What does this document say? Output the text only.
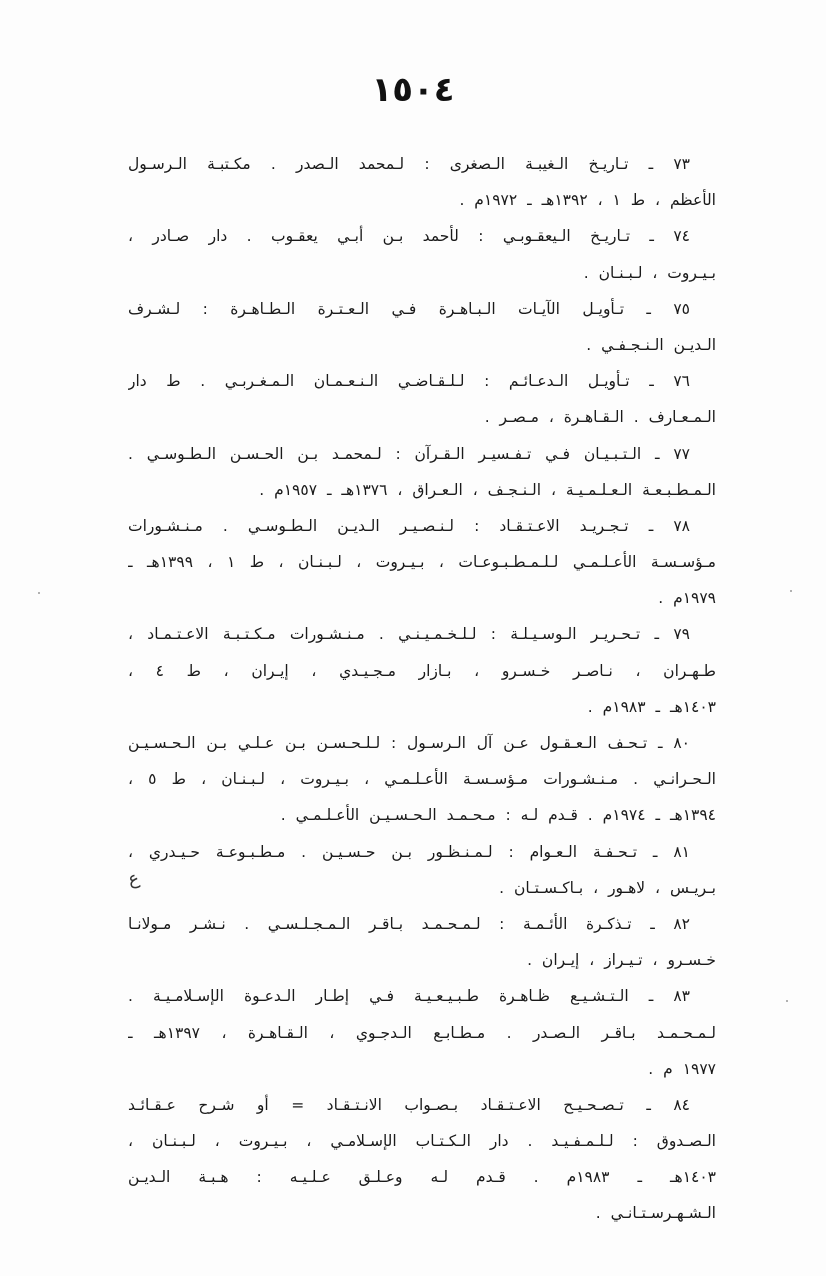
١٥٠٤
٧٣ ـ تـاريـخ الـغيبـة الـصغرى : لـمحمد الـصدر . مكـتبـة الـرسـول
الأعظم ، ط ١ ، ١٣٩٢هـ ـ ١٩٧٢م .
٧٤ ـ تـاريـخ الـيعقـوبـي : لأحمد بـن أبـي يعقـوب . دار صـادر ،
بـيـروت ، لـبـنـان .
٧٥ ـ تـأويـل الآيـات الـبـاهـرة فـي الـعـتـرة الـطـاهـرة : لـشـرف
الـديـن الـنـجـفـي .
٧٦ ـ تـأويـل الـدعـائـم : لـلـقـاضـي الـنـعـمـان الـمـغـربـي . ط دار
الـمـعـارف . الـقـاهـرة ، مـصـر .
٧٧ ـ الـتـبـيـان فـي تـفـسيـر الـقـرآن : لـمحمـد بـن الحـسـن الـطـوسـي .
الـمـطـبـعـة الـعـلـمـيـة ، الـنـجـف ، الـعـراق ، ١٣٧٦هـ ـ ١٩٥٧م .
٧٨ ـ تـجـريـد الاعـتـقـاد : لـنـصـيـر الـديـن الـطـوسـي . مـنـشـورات
مـؤسـسـة الأعـلـمـي لـلـمـطـبـوعـات ، بـيـروت ، لـبـنـان ، ط ١ ، ١٣٩٩هـ ـ
١٩٧٩م .
٧٩ ـ تـحـريـر الـوسـيـلـة : لـلـخـمـيـنـي . مـنـشـورات مـكـتـبـة الاعـتـمـاد ،
طـهـران ، نـاصـر خـسـرو ، بـازار مـجـيـدي ، إيـران ، ط ٤ ،
١٤٠٣هـ ـ ١٩٨٣م .
٨٠ ـ تـحـف الـعـقـول عـن آل الـرسـول : لـلـحـسـن بـن عـلـي بـن الـحـسـيـن
الـحـرانـي . مـنـشـورات مـؤسـسـة الأعـلـمـي ، بـيـروت ، لـبـنـان ، ط ٥ ،
١٣٩٤هـ ـ ١٩٧٤م . قـدم لـه : مـحـمـد الـحـسـيـن الأعـلـمـي .
٨١ ـ تـحـفـة الـعـوام : لـمـنـظـور بـن حـسـيـن . مـطـبـوعـة حـيـدري ،
بـريـس ، لاهـور ، بـاكـسـتـان .
٨٢ ـ تـذكـرة الأئـمـة : لـمـحـمـد بـاقـر الـمـجـلـسـي . نـشـر مـولانـا
خـسـرو ، تـيـراز ، إيـران .
٨٣ ـ الـتـشـيـع ظـاهـرة طـبـيـعـيـة فـي إطـار الـدعـوة الإسـلامـيـة .
لـمـحـمـد بـاقـر الـصـدر . مـطـابـع الـدجـوي ، الـقـاهـرة ، ١٣٩٧هـ ـ
١٩٧٧ م .
٨٤ ـ تـصـحـيـح الاعـتـقـاد بـصـواب الانـتـقـاد = أو شـرح عـقـائـد
الـصـدوق : لـلـمـفـيـد . دار الـكـتـاب الإسـلامـي ، بـيـروت ، لـبـنـان ،
١٤٠٣هـ ـ ١٩٨٣م . قـدم لـه وعـلـق عـلـيـه : هـبـة الـديـن
الـشـهـرسـتـانـي .
ع
